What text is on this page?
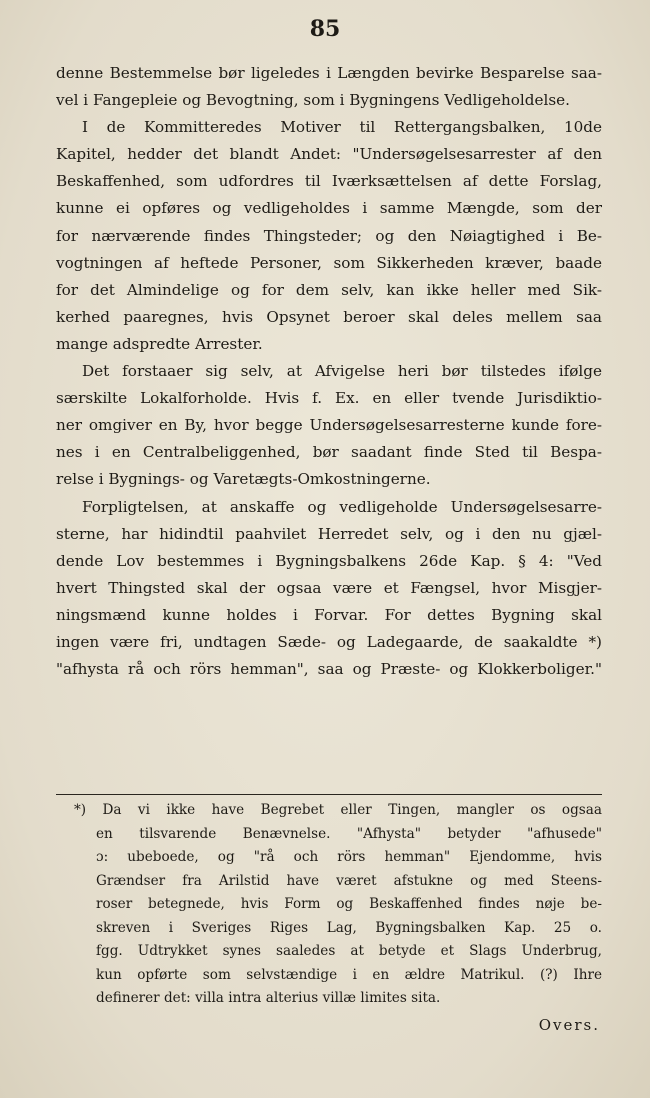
85
denne Bestemmelse bør ligeledes i Længden bevirke Besparelse saa-
vel i Fangepleie og Bevogtning, som i Bygningens Vedligeholdelse.
I de Kommitteredes Motiver til Rettergangsbalken, 10de
Kapitel, hedder det blandt Andet: "Undersøgelsesarrester af den
Beskaffenhed, som udfordres til Iværksættelsen af dette Forslag,
kunne ei opføres og vedligeholdes i samme Mængde, som der
for nærværende findes Thingsteder; og den Nøiagtighed i Be-
vogtningen af heftede Personer, som Sikkerheden kræver, baade
for det Almindelige og for dem selv, kan ikke heller med Sik-
kerhed paaregnes, hvis Opsynet beroer skal deles mellem saa
mange adspredte Arrester.
Det forstaaer sig selv, at Afvigelse heri bør tilstedes ifølge
særskilte Lokalforholde. Hvis f. Ex. en eller tvende Jurisdiktio-
ner omgiver en By, hvor begge Undersøgelsesarresterne kunde fore-
nes i en Centralbeliggenhed, bør saadant finde Sted til Bespa-
relse i Bygnings- og Varetægts-Omkostningerne.
Forpligtelsen, at anskaffe og vedligeholde Undersøgelsesarre-
sterne, har hidindtil paahvilet Herredet selv, og i den nu gjæl-
dende Lov bestemmes i Bygningsbalkens 26de Kap. § 4: "Ved
hvert Thingsted skal der ogsaa være et Fængsel, hvor Misgjer-
ningsmænd kunne holdes i Forvar. For dettes Bygning skal
ingen være fri, undtagen Sæde- og Ladegaarde, de saakaldte *)
"afhysta rå och rörs hemman", saa og Præste- og Klokkerboliger."
*) Da vi ikke have Begrebet eller Tingen, mangler os ogsaa
en tilsvarende Benævnelse. "Afhysta" betyder "afhusede"
ɔ: ubeboede, og "rå och rörs hemman" Ejendomme, hvis
Grændser fra Arilstid have været afstukne og med Steens-
roser betegnede, hvis Form og Beskaffenhed findes nøje be-
skreven i Sveriges Riges Lag, Bygningsbalken Kap. 25 o.
fgg. Udtrykket synes saaledes at betyde et Slags Underbrug,
kun opførte som selvstændige i en ældre Matrikul. (?) Ihre
definerer det: villa intra alterius villæ limites sita.
Overs.
